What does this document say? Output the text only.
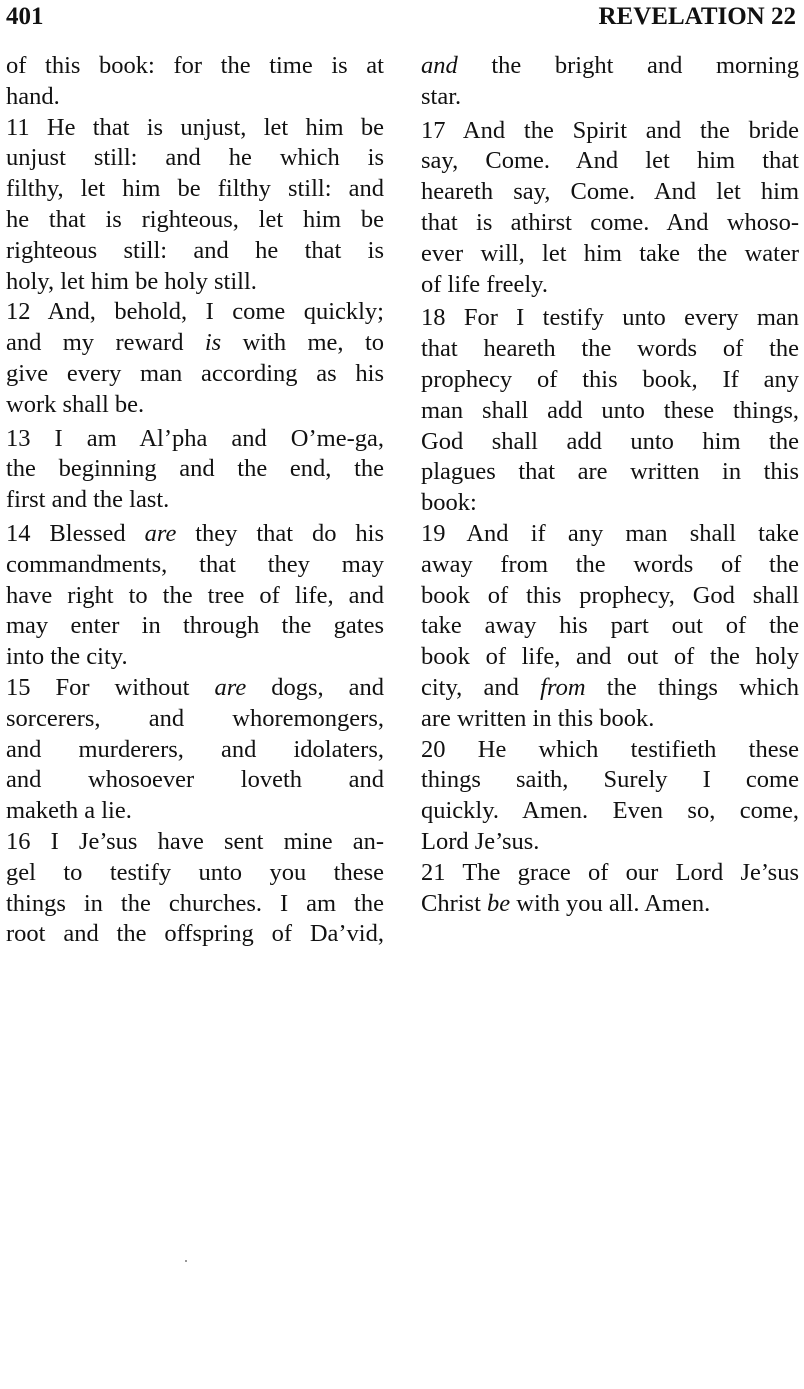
401	REVELATION 22
of this book: for the time is at
hand.
11 He that is unjust, let him be
unjust still: and he which is
filthy, let him be filthy still: and
he that is righteous, let him be
righteous still: and he that is
holy, let him be holy still.
12 And, behold, I come quickly;
and my reward is with me, to
give every man according as his
work shall be.
13 I am Al’pha and O’me-ga,
the beginning and the end, the
first and the last.
14 Blessed are they that do his
commandments, that they may
have right to the tree of life, and
may enter in through the gates
into the city.
15 For without are dogs, and
sorcerers, and whoremongers,
and murderers, and idolaters,
and whosoever loveth and
maketh a lie.
16 I Je’sus have sent mine an-
gel to testify unto you these
things in the churches. I am the
root and the offspring of Da’vid,
and the bright and morning
star.
17 And the Spirit and the bride
say, Come. And let him that
heareth say, Come. And let him
that is athirst come. And whoso-
ever will, let him take the water
of life freely.
18 For I testify unto every man
that heareth the words of the
prophecy of this book, If any
man shall add unto these things,
God shall add unto him the
plagues that are written in this
book:
19 And if any man shall take
away from the words of the
book of this prophecy, God shall
take away his part out of the
book of life, and out of the holy
city, and from the things which
are written in this book.
20 He which testifieth these
things saith, Surely I come
quickly. Amen. Even so, come,
Lord Je’sus.
21 The grace of our Lord Je’sus
Christ be with you all. Amen.
